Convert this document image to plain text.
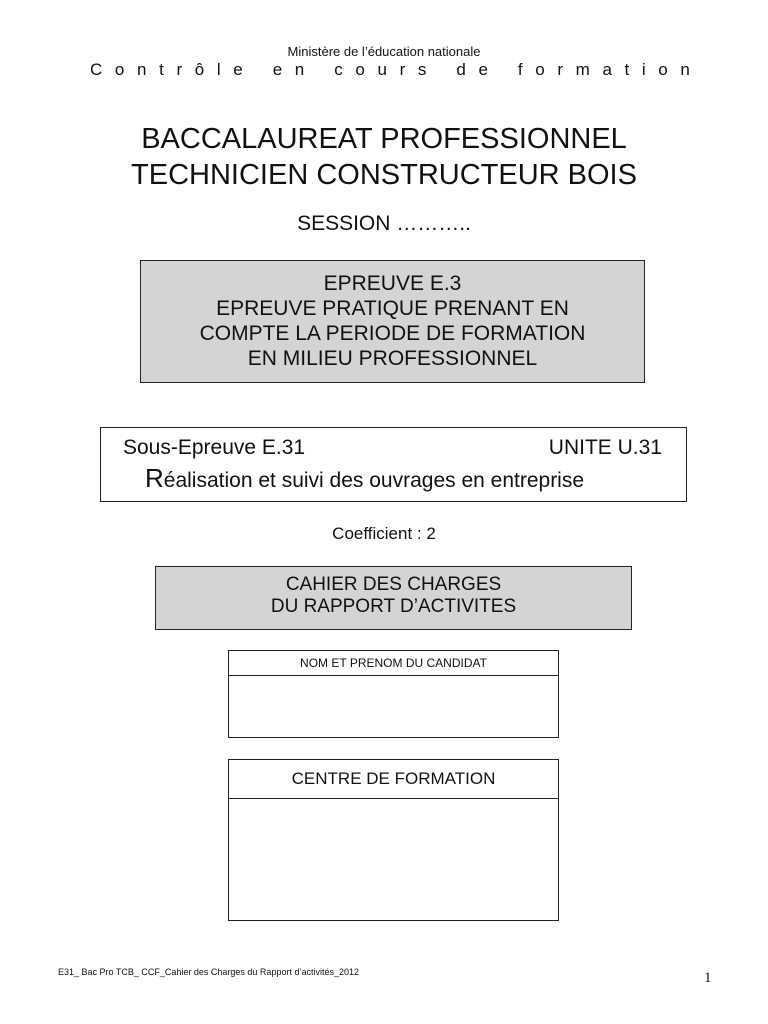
Ministère de l’éducation nationale
C o n t r ô l e
e n
c o u r s
d e
f o r m a t i o n
BACCALAUREAT PROFESSIONNEL
TECHNICIEN CONSTRUCTEUR BOIS
SESSION ………..
EPREUVE E.3
EPREUVE PRATIQUE PRENANT EN
COMPTE LA PERIODE DE FORMATION
EN MILIEU PROFESSIONNEL
Sous-Epreuve E.31	UNITE U.31
Réalisation et suivi des ouvrages en entreprise
Coefficient : 2
CAHIER DES CHARGES
DU RAPPORT D’ACTIVITES
NOM ET PRENOM DU CANDIDAT
CENTRE DE FORMATION
E31_ Bac Pro TCB_ CCF_Cahier des Charges du Rapport d’activités_2012	1
